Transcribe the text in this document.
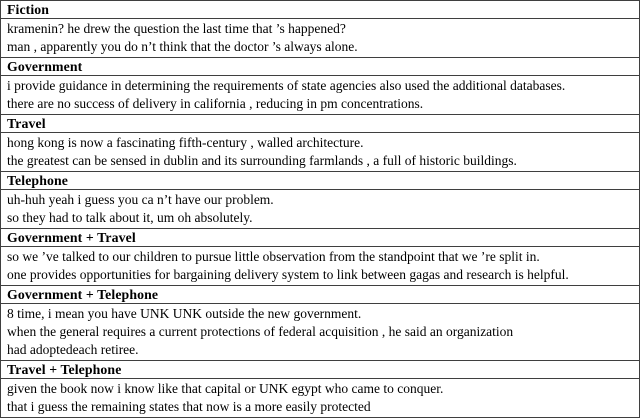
Fiction
kramenin? he drew the question the last time that ’s happened?
man , apparently you do n’t think that the doctor ’s always alone.
Government
i provide guidance in determining the requirements of state agencies also used the additional databases.
there are no success of delivery in california , reducing in pm concentrations.
Travel
hong kong is now a fascinating fifth-century , walled architecture.
the greatest can be sensed in dublin and its surrounding farmlands , a full of historic buildings.
Telephone
uh-huh yeah i guess you ca n’t have our problem.
so they had to talk about it, um oh absolutely.
Government + Travel
so we ’ve talked to our children to pursue little observation from the standpoint that we ’re split in.
one provides opportunities for bargaining delivery system to link between gagas and research is helpful.
Government + Telephone
8 time, i mean you have UNK UNK outside the new government.
when the general requires a current protections of federal acquisition , he said an organization
had adoptedeach retiree.
Travel + Telephone
given the book now i know like that capital or UNK egypt who came to conquer.
that i guess the remaining states that now is a more easily protected
